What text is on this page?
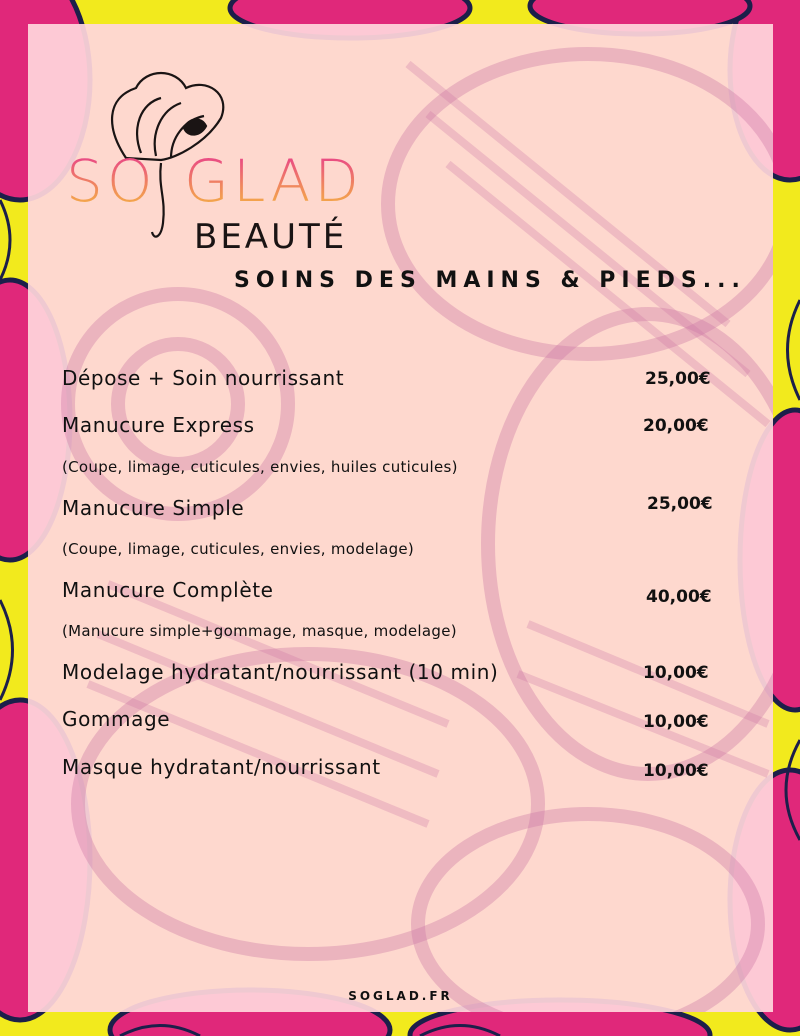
SO GLAD
BEAUTÉ
SOINS DES MAINS & PIEDS...
Dépose + Soin nourrissant	25,00€
Manucure Express	20,00€
(Coupe, limage, cuticules, envies, huiles cuticules)
Manucure Simple	25,00€
(Coupe, limage, cuticules, envies, modelage)
Manucure Complète	40,00€
(Manucure simple+gommage, masque, modelage)
Modelage hydratant/nourrissant (10 min)	10,00€
Gommage	10,00€
Masque hydratant/nourrissant	10,00€
SOGLAD.FR
